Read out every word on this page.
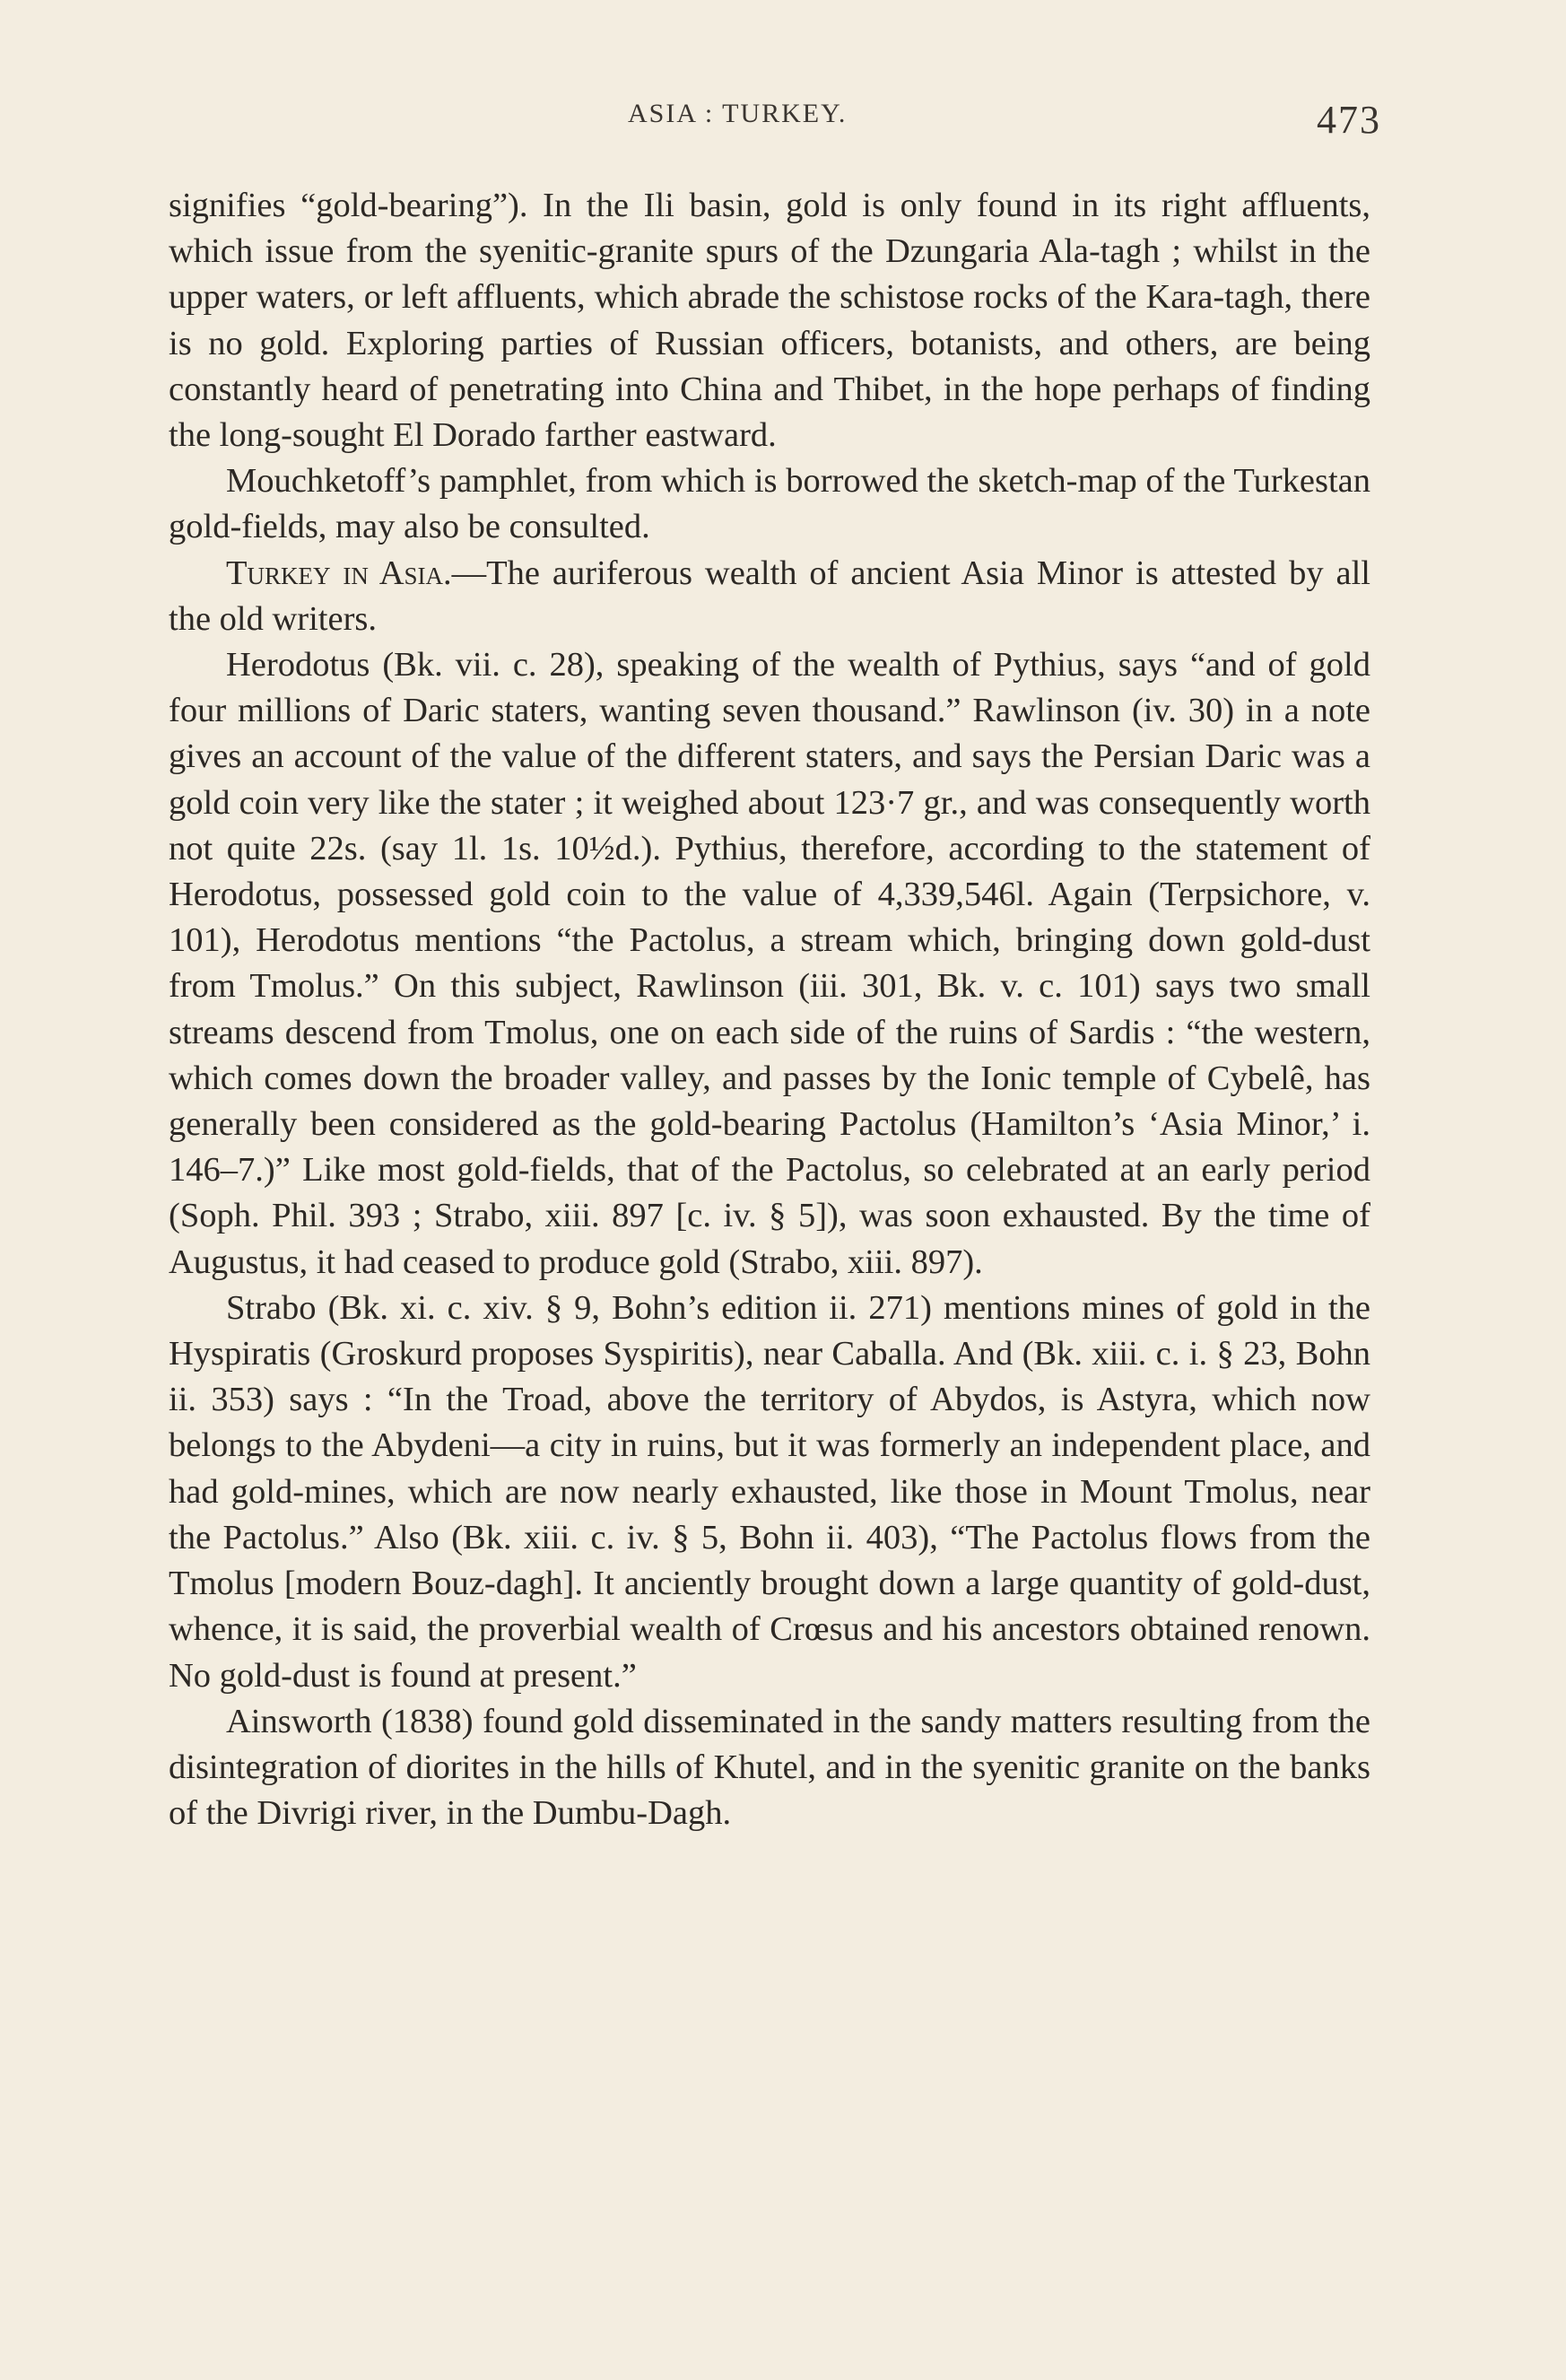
ASIA : TURKEY.	473

signifies “gold-bearing”). In the Ili basin, gold is only found in its right affluents, which issue from the syenitic-granite spurs of the Dzungaria Ala-tagh ; whilst in the upper waters, or left affluents, which abrade the schistose rocks of the Kara-tagh, there is no gold. Exploring parties of Russian officers, botanists, and others, are being constantly heard of penetrating into China and Thibet, in the hope perhaps of finding the long-sought El Dorado farther eastward.

Mouchketoff’s pamphlet, from which is borrowed the sketch-map of the Turkestan gold-fields, may also be consulted.

Turkey in Asia.—The auriferous wealth of ancient Asia Minor is attested by all the old writers.

Herodotus (Bk. vii. c. 28), speaking of the wealth of Pythius, says “and of gold four millions of Daric staters, wanting seven thousand.” Rawlinson (iv. 30) in a note gives an account of the value of the different staters, and says the Persian Daric was a gold coin very like the stater ; it weighed about 123·7 gr., and was consequently worth not quite 22s. (say 1l. 1s. 10½d.). Pythius, therefore, according to the statement of Herodotus, possessed gold coin to the value of 4,339,546l. Again (Terpsichore, v. 101), Herodotus mentions “the Pactolus, a stream which, bringing down gold-dust from Tmolus.” On this subject, Rawlinson (iii. 301, Bk. v. c. 101) says two small streams descend from Tmolus, one on each side of the ruins of Sardis : “the western, which comes down the broader valley, and passes by the Ionic temple of Cybelê, has generally been considered as the gold-bearing Pactolus (Hamilton’s ‘Asia Minor,’ i. 146–7.)” Like most gold-fields, that of the Pactolus, so celebrated at an early period (Soph. Phil. 393 ; Strabo, xiii. 897 [c. iv. § 5]), was soon exhausted. By the time of Augustus, it had ceased to produce gold (Strabo, xiii. 897).

Strabo (Bk. xi. c. xiv. § 9, Bohn’s edition ii. 271) mentions mines of gold in the Hyspiratis (Groskurd proposes Syspiritis), near Caballa. And (Bk. xiii. c. i. § 23, Bohn ii. 353) says : “In the Troad, above the territory of Abydos, is Astyra, which now belongs to the Abydeni—a city in ruins, but it was formerly an independent place, and had gold-mines, which are now nearly exhausted, like those in Mount Tmolus, near the Pactolus.” Also (Bk. xiii. c. iv. § 5, Bohn ii. 403), “The Pactolus flows from the Tmolus [modern Bouz-dagh]. It anciently brought down a large quantity of gold-dust, whence, it is said, the proverbial wealth of Crœsus and his ancestors obtained renown. No gold-dust is found at present.”

Ainsworth (1838) found gold disseminated in the sandy matters resulting from the disintegration of diorites in the hills of Khutel, and in the syenitic granite on the banks of the Divrigi river, in the Dumbu-Dagh.
